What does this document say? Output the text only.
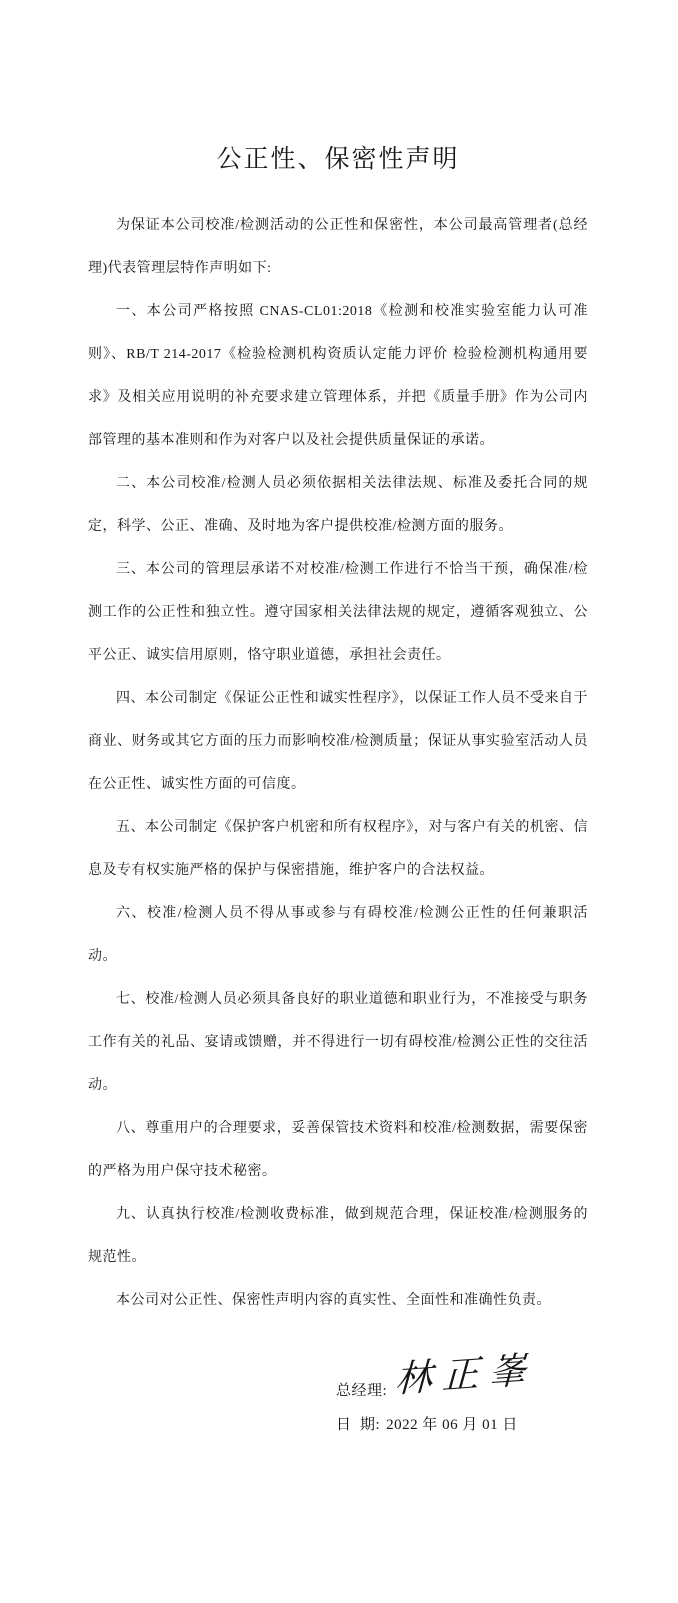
公正性、保密性声明

为保证本公司校准/检测活动的公正性和保密性，本公司最高管理者(总经理)代表管理层特作声明如下:

一、本公司严格按照 CNAS-CL01:2018《检测和校准实验室能力认可准则》、RB/T 214-2017《检验检测机构资质认定能力评价 检验检测机构通用要求》及相关应用说明的补充要求建立管理体系，并把《质量手册》作为公司内部管理的基本准则和作为对客户以及社会提供质量保证的承诺。

二、本公司校准/检测人员必须依据相关法律法规、标准及委托合同的规定，科学、公正、准确、及时地为客户提供校准/检测方面的服务。

三、本公司的管理层承诺不对校准/检测工作进行不恰当干预，确保准/检测工作的公正性和独立性。遵守国家相关法律法规的规定，遵循客观独立、公平公正、诚实信用原则，恪守职业道德，承担社会责任。

四、本公司制定《保证公正性和诚实性程序》，以保证工作人员不受来自于商业、财务或其它方面的压力而影响校准/检测质量；保证从事实验室活动人员在公正性、诚实性方面的可信度。

五、本公司制定《保护客户机密和所有权程序》，对与客户有关的机密、信息及专有权实施严格的保护与保密措施，维护客户的合法权益。

六、校准/检测人员不得从事或参与有碍校准/检测公正性的任何兼职活动。

七、校准/检测人员必须具备良好的职业道德和职业行为，不准接受与职务工作有关的礼品、宴请或馈赠，并不得进行一切有碍校准/检测公正性的交往活动。

八、尊重用户的合理要求，妥善保管技术资料和校准/检测数据，需要保密的严格为用户保守技术秘密。

九、认真执行校准/检测收费标准，做到规范合理，保证校准/检测服务的规范性。

本公司对公正性、保密性声明内容的真实性、全面性和准确性负责。

总经理: 林正峯
日  期: 2022 年 06 月 01 日
